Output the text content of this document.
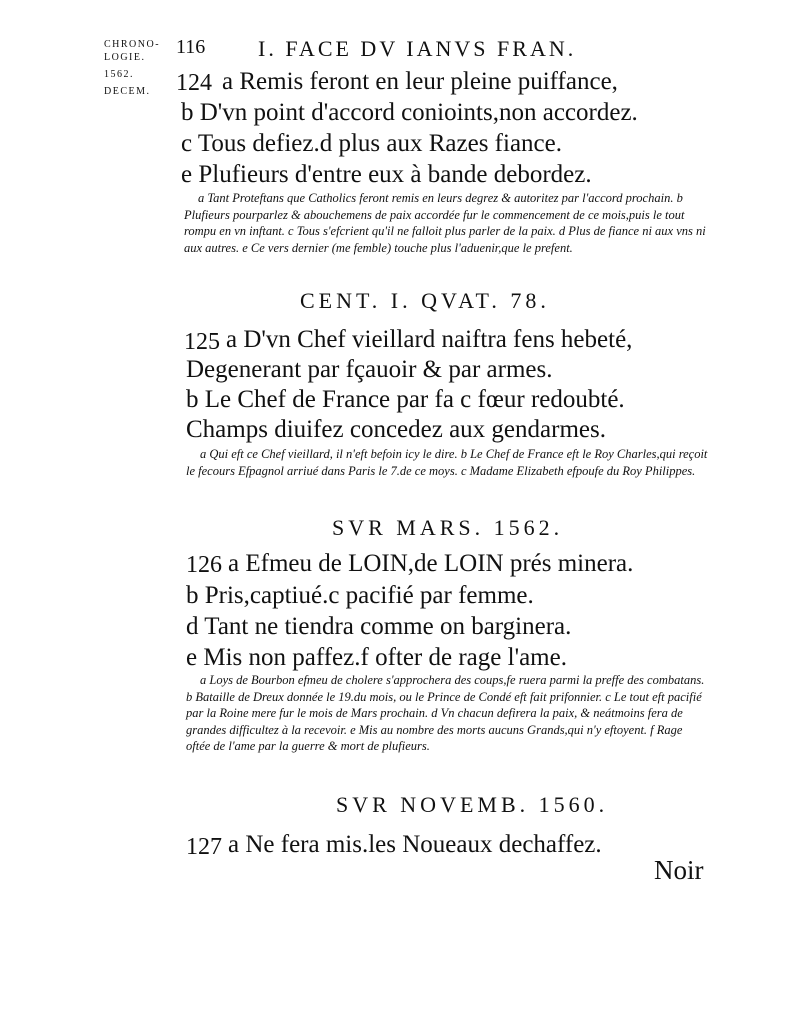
CHRONO-
LOGIE.
1562.
DECEM.
116 I. FACE DV IANVS FRAN.
124 a Remis feront en leur pleine puiffance,
b D'vn point d'accord conioints,non accordez.
c Tous defiez.d plus aux Razes fiance.
e Plufieurs d'entre eux à bande debordez.
a Tant Proteftans que Catholics feront remis en leurs degrez & autoritez par l'accord prochain. b Plufieurs pourparlez & abouchemens de paix accordée fur le commencement de ce mois,puis le tout rompu en vn inftant. c Tous s'efcrient qu'il ne falloit plus parler de la paix. d Plus de fiance ni aux vns ni aux autres. e Ce vers dernier (me femble) touche plus l'aduenir,que le prefent.
CENT. I. QVAT. 78.
125 a D'vn Chef vieillard naiftra fens hebeté,
Degenerant par fçauoir & par armes.
b Le Chef de France par fa c fœur redoubté.
Champs diuifez concedez aux gendarmes.
a Qui eft ce Chef vieillard, il n'eft befoin icy le dire. b Le Chef de France eft le Roy Charles,qui reçoit le fecours Efpagnol arriué dans Paris le 7.de ce moys. c Madame Elizabeth efpoufe du Roy Philippes.
SVR MARS. 1562.
126 a Efmeu de LOIN,de LOIN prés minera.
b Pris,captiué.c pacifié par femme.
d Tant ne tiendra comme on barginera.
e Mis non paffez.f ofter de rage l'ame.
a Loys de Bourbon efmeu de cholere s'approchera des coups,fe ruera parmi la preffe des combatans. b Bataille de Dreux donnée le 19.du mois, ou le Prince de Condé eft fait prifonnier. c Le tout eft pacifié par la Roine mere fur le mois de Mars prochain. d Vn chacun defirera la paix, & neátmoins fera de grandes difficultez à la recevoir. e Mis au nombre des morts aucuns Grands,qui n'y eftoyent. f Rage oftée de l'ame par la guerre & mort de plufieurs.
SVR NOVEMB. 1560.
127 a Ne fera mis.les Noueaux dechaffez.
Noir
